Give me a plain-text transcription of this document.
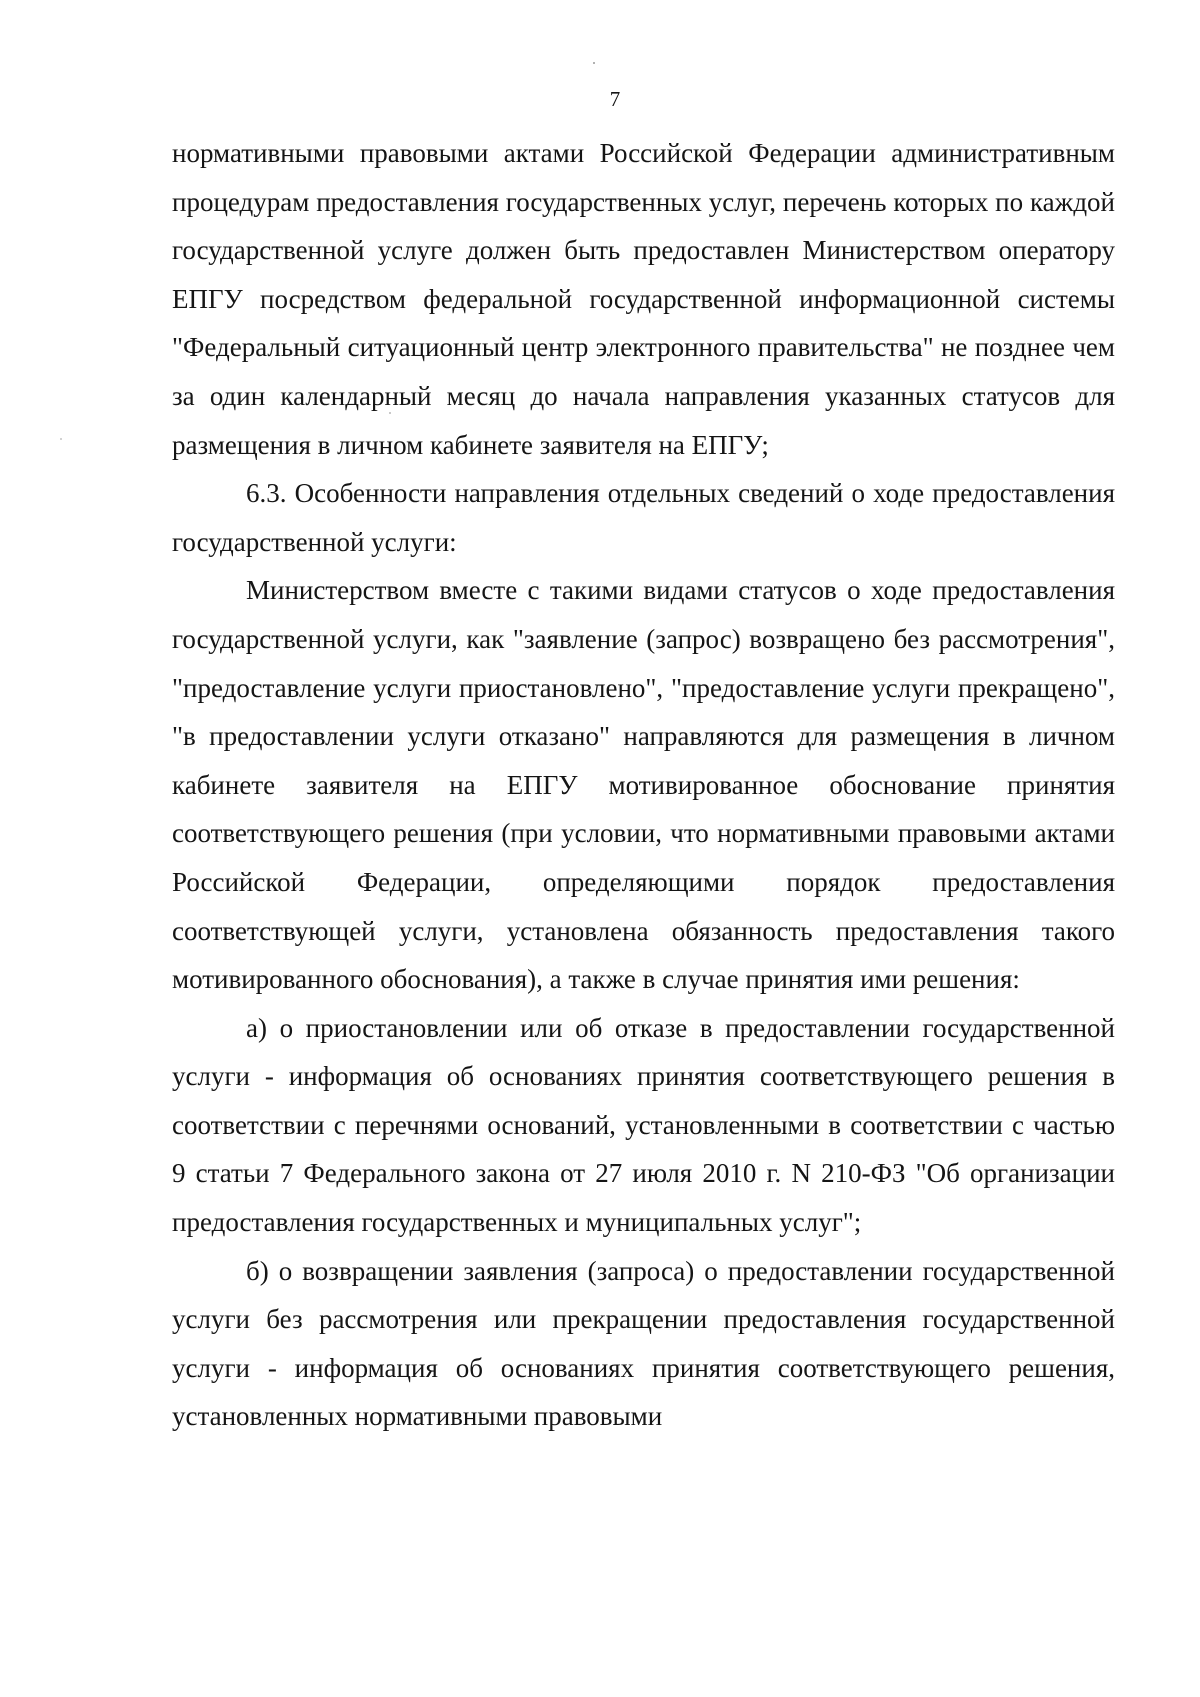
7

нормативными правовыми актами Российской Федерации административным процедурам предоставления государственных услуг, перечень которых по каждой государственной услуге должен быть предоставлен Министерством оператору ЕПГУ посредством федеральной государственной информационной системы "Федеральный ситуационный центр электронного правительства" не позднее чем за один календарный месяц до начала направления указанных статусов для размещения в личном кабинете заявителя на ЕПГУ;

6.3. Особенности направления отдельных сведений о ходе предоставления государственной услуги:

Министерством вместе с такими видами статусов о ходе предоставления государственной услуги, как "заявление (запрос) возвращено без рассмотрения", "предоставление услуги приостановлено", "предоставление услуги прекращено", "в предоставлении услуги отказано" направляются для размещения в личном кабинете заявителя на ЕПГУ мотивированное обоснование принятия соответствующего решения (при условии, что нормативными правовыми актами Российской Федерации, определяющими порядок предоставления соответствующей услуги, установлена обязанность предоставления такого мотивированного обоснования), а также в случае принятия ими решения:

а) о приостановлении или об отказе в предоставлении государственной услуги - информация об основаниях принятия соответствующего решения в соответствии с перечнями оснований, установленными в соответствии с частью 9 статьи 7 Федерального закона от 27 июля 2010 г. N 210-ФЗ "Об организации предоставления государственных и муниципальных услуг";

б) о возвращении заявления (запроса) о предоставлении государственной услуги без рассмотрения или прекращении предоставления государственной услуги - информация об основаниях принятия соответствующего решения, установленных нормативными правовыми
